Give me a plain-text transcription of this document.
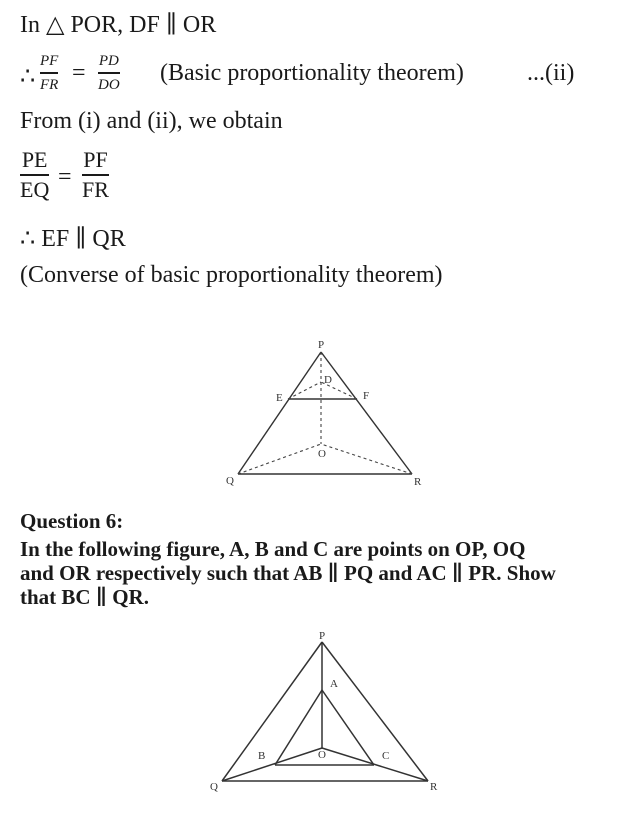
In △ POR, DF ∥ OR
∴
PF
FR = PD
DO (Basic proportionality theorem)	...(ii)
From (i) and (ii), we obtain
PE
EQ =
PF
FR
∴ EF ∥ QR
(Converse of basic proportionality theorem)
P
D
E	F
O
Q	R
P
A
B	O	C
Q	R
Question 6:
In the following figure, A, B and C are points on OP, OQ
and OR respectively such that AB ∥ PQ and AC ∥ PR. Show
that BC ∥ QR.
